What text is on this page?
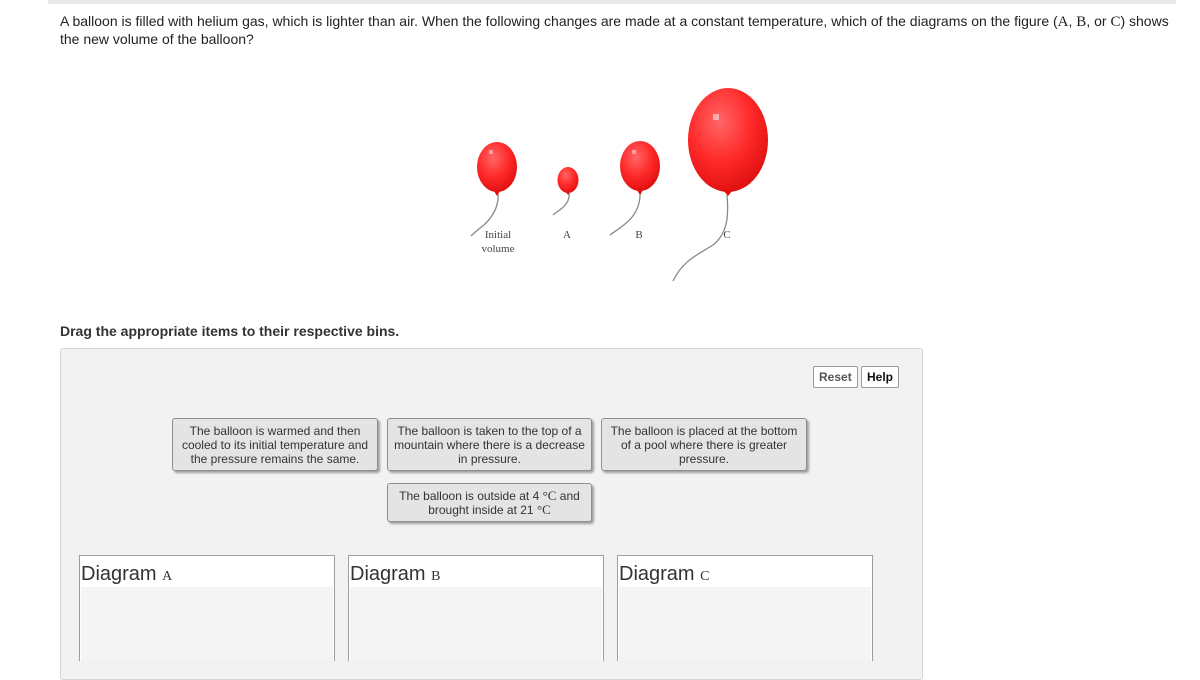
A balloon is filled with helium gas, which is lighter than air. When the following changes are made at a constant temperature, which of the diagrams on the figure (A, B, or C) shows the new volume of the balloon?
Initial
volume
A	B	C
Drag the appropriate items to their respective bins.
Reset	Help
The balloon is warmed and then cooled to its initial temperature and the pressure remains the same.
The balloon is taken to the top of a mountain where there is a decrease in pressure.
The balloon is placed at the bottom of a pool where there is greater pressure.
The balloon is outside at 4 °C and brought inside at 21 °C
Diagram A	Diagram B	Diagram C
